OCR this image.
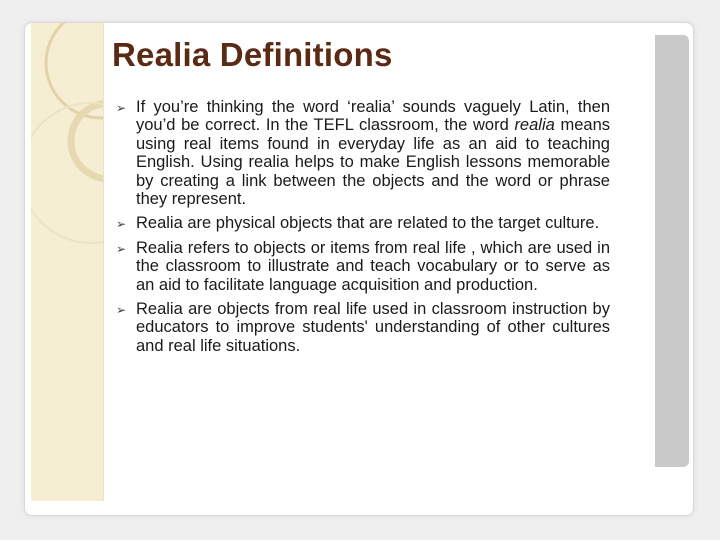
Realia Definitions
➢ If you’re thinking the word ‘realia’ sounds vaguely Latin, then you’d be correct. In the TEFL classroom, the word realia means using real items found in everyday life as an aid to teaching English. Using realia helps to make English lessons memorable by creating a link between the objects and the word or phrase they represent.
➢ Realia are physical objects that are related to the target culture.
➢ Realia refers to objects or items from real life , which are used in the classroom to illustrate and teach vocabulary or to serve as an aid to facilitate language acquisition and production.
➢ Realia are objects from real life used in classroom instruction by educators to improve students' understanding of other cultures and real life situations.
